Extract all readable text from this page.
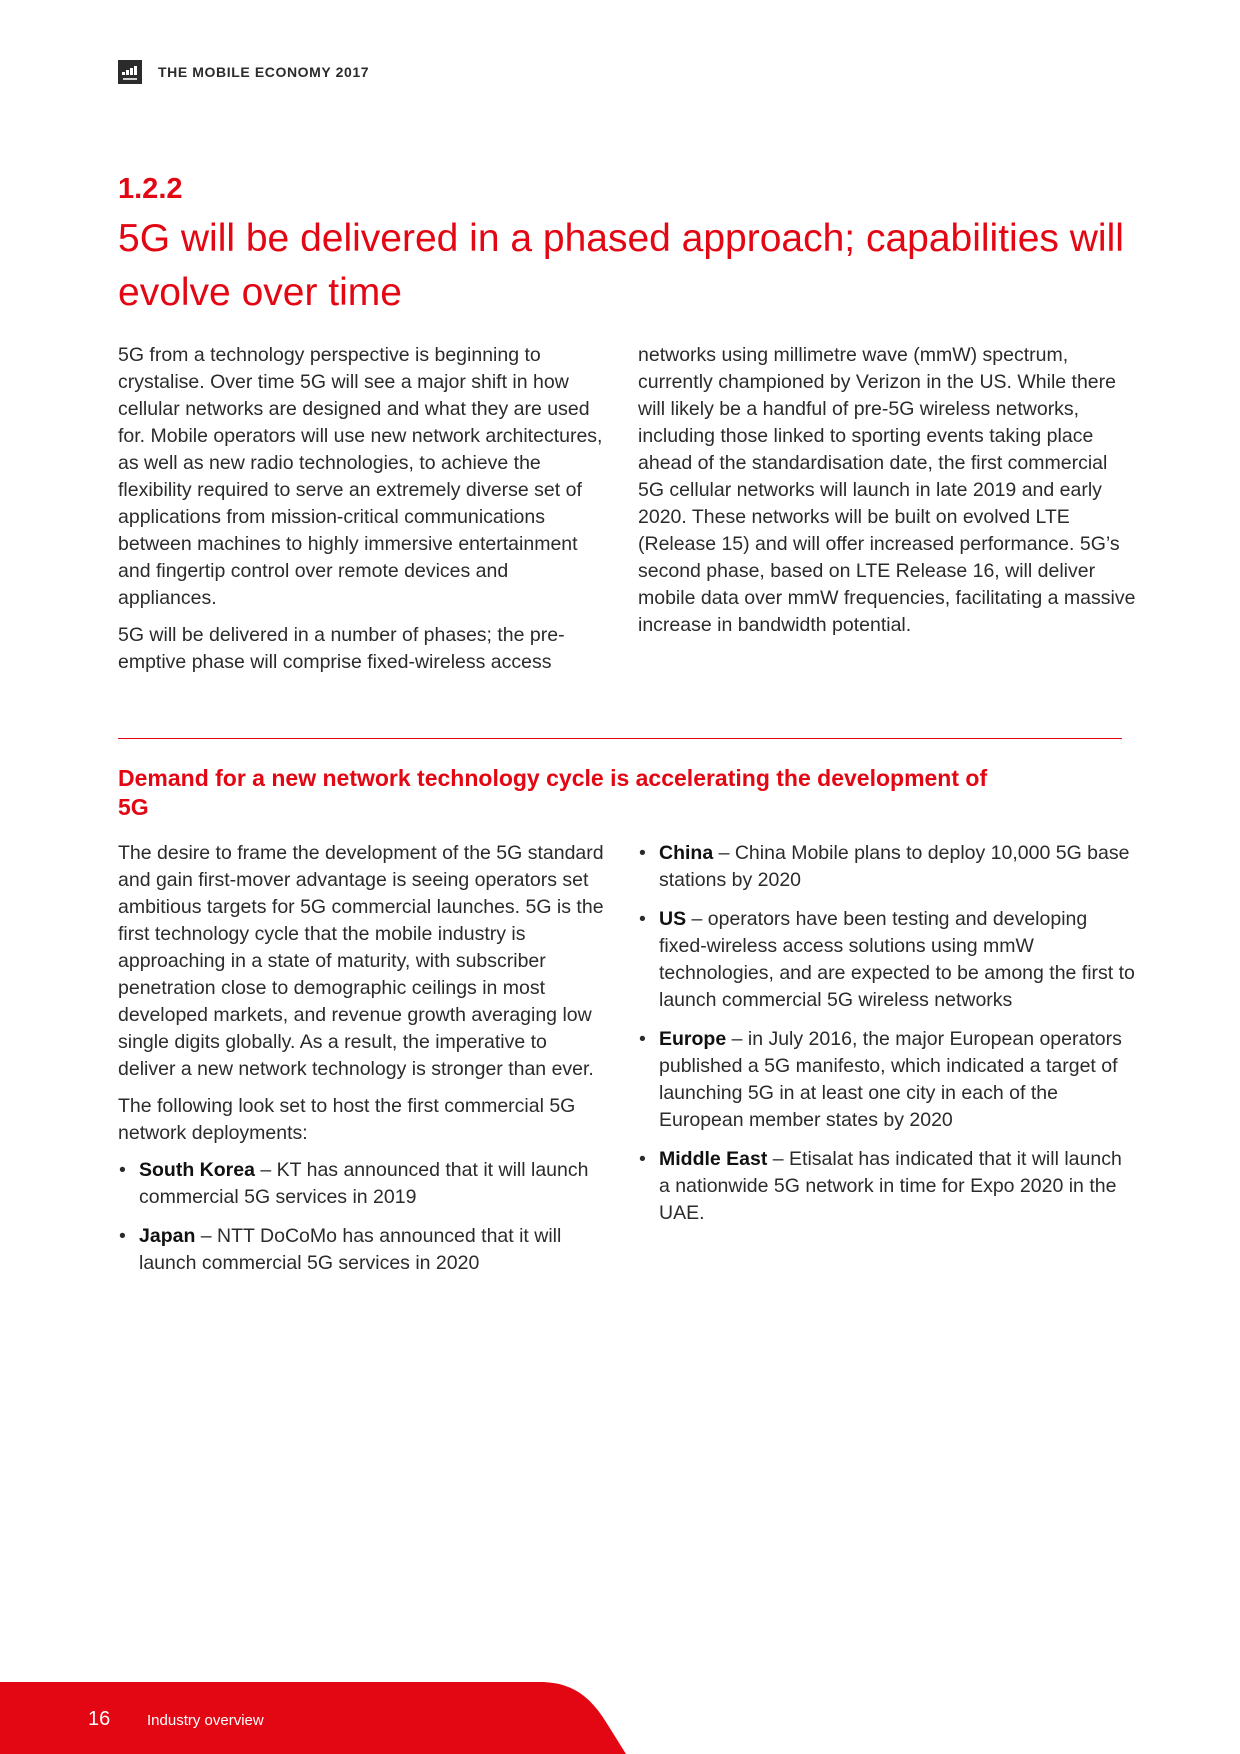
THE MOBILE ECONOMY 2017
1.2.2
5G will be delivered in a phased approach; capabilities will evolve over time

5G from a technology perspective is beginning to crystalise. Over time 5G will see a major shift in how cellular networks are designed and what they are used for. Mobile operators will use new network architectures, as well as new radio technologies, to achieve the flexibility required to serve an extremely diverse set of applications from mission-critical communications between machines to highly immersive entertainment and fingertip control over remote devices and appliances.

5G will be delivered in a number of phases; the pre-emptive phase will comprise fixed-wireless access

networks using millimetre wave (mmW) spectrum, currently championed by Verizon in the US. While there will likely be a handful of pre-5G wireless networks, including those linked to sporting events taking place ahead of the standardisation date, the first commercial 5G cellular networks will launch in late 2019 and early 2020. These networks will be built on evolved LTE (Release 15) and will offer increased performance. 5G’s second phase, based on LTE Release 16, will deliver mobile data over mmW frequencies, facilitating a massive increase in bandwidth potential.

Demand for a new network technology cycle is accelerating the development of 5G

The desire to frame the development of the 5G standard and gain first-mover advantage is seeing operators set ambitious targets for 5G commercial launches. 5G is the first technology cycle that the mobile industry is approaching in a state of maturity, with subscriber penetration close to demographic ceilings in most developed markets, and revenue growth averaging low single digits globally. As a result, the imperative to deliver a new network technology is stronger than ever.

The following look set to host the first commercial 5G network deployments:

• South Korea – KT has announced that it will launch commercial 5G services in 2019
• Japan – NTT DoCoMo has announced that it will launch commercial 5G services in 2020
• China – China Mobile plans to deploy 10,000 5G base stations by 2020
• US – operators have been testing and developing fixed-wireless access solutions using mmW technologies, and are expected to be among the first to launch commercial 5G wireless networks
• Europe – in July 2016, the major European operators published a 5G manifesto, which indicated a target of launching 5G in at least one city in each of the European member states by 2020
• Middle East – Etisalat has indicated that it will launch a nationwide 5G network in time for Expo 2020 in the UAE.
16 Industry overview
